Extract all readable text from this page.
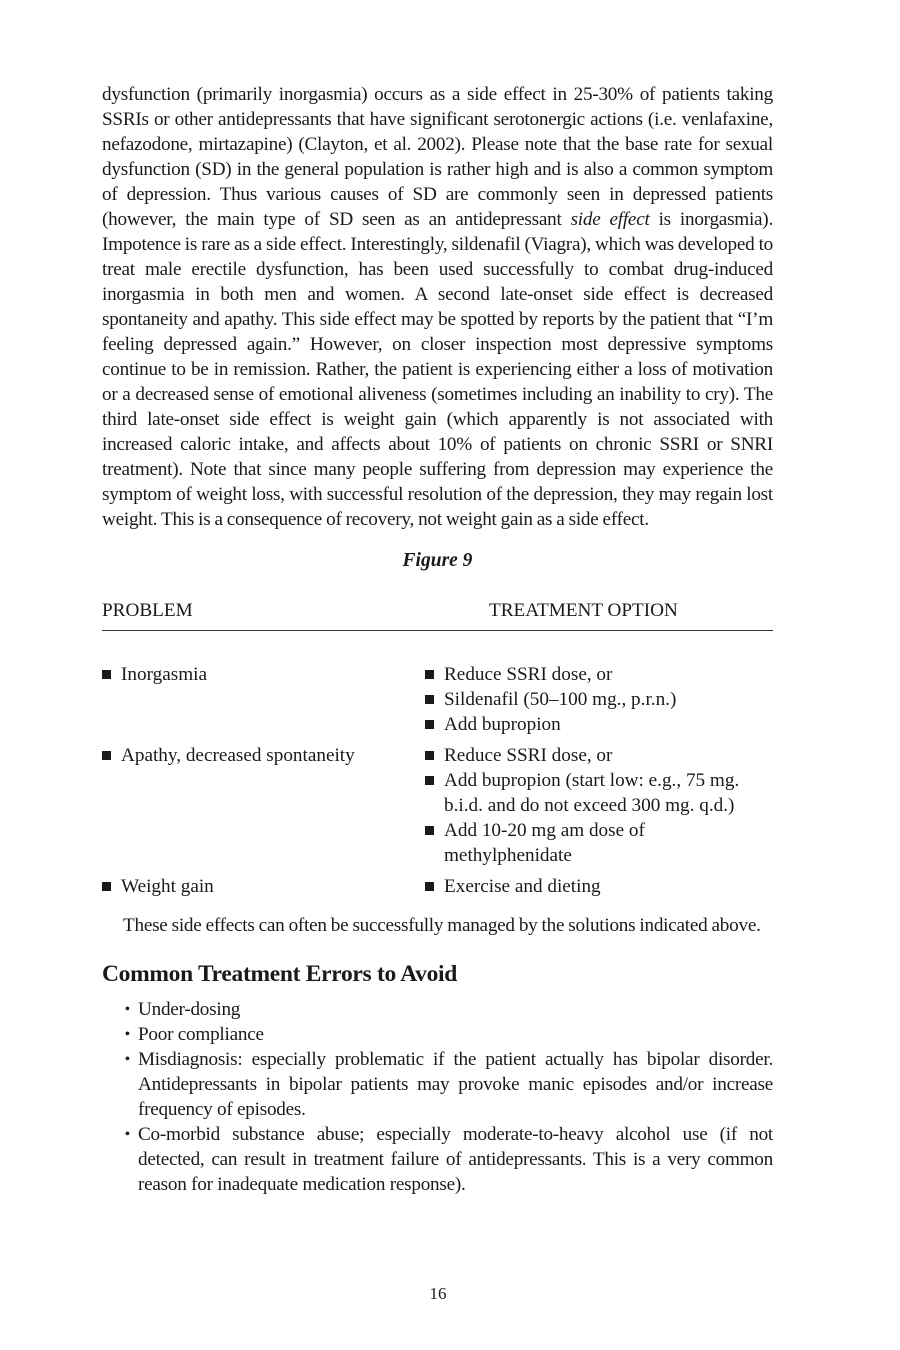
dysfunction (primarily inorgasmia) occurs as a side effect in 25-30% of patients taking SSRIs or other antidepressants that have significant serotonergic actions (i.e. venlafaxine, nefazodone, mirtazapine) (Clayton, et al. 2002). Please note that the base rate for sexual dysfunction (SD) in the general population is rather high and is also a common symptom of depression. Thus various causes of SD are commonly seen in depressed patients (however, the main type of SD seen as an antidepressant side effect is inorgasmia). Impotence is rare as a side effect. Interestingly, sildenafil (Viagra), which was developed to treat male erectile dysfunction, has been used successfully to combat drug-induced inorgasmia in both men and women. A second late-onset side effect is decreased spontaneity and apathy. This side effect may be spotted by reports by the patient that “I’m feeling depressed again.” However, on closer inspection most depressive symptoms continue to be in remission. Rather, the patient is experiencing either a loss of motivation or a decreased sense of emotional aliveness (sometimes including an inability to cry). The third late-onset side effect is weight gain (which apparently is not associated with increased caloric intake, and affects about 10% of patients on chronic SSRI or SNRI treatment). Note that since many people suffering from depression may experience the symptom of weight loss, with successful resolution of the depression, they may regain lost weight. This is a consequence of recovery, not weight gain as a side effect.

Figure 9
PROBLEM	TREATMENT OPTION
Inorgasmia	Reduce SSRI dose, or
Sildenafil (50–100 mg., p.r.n.)
Add bupropion
Apathy, decreased spontaneity	Reduce SSRI dose, or
Add bupropion (start low: e.g., 75 mg. b.i.d. and do not exceed 300 mg. q.d.)
Add 10-20 mg am dose of methylphenidate
Weight gain	Exercise and dieting

These side effects can often be successfully managed by the solutions indicated above.

Common Treatment Errors to Avoid
• Under-dosing
• Poor compliance
• Misdiagnosis: especially problematic if the patient actually has bipolar disorder. Antidepressants in bipolar patients may provoke manic episodes and/or increase frequency of episodes.
• Co-morbid substance abuse; especially moderate-to-heavy alcohol use (if not detected, can result in treatment failure of antidepressants. This is a very common reason for inadequate medication response).
16
